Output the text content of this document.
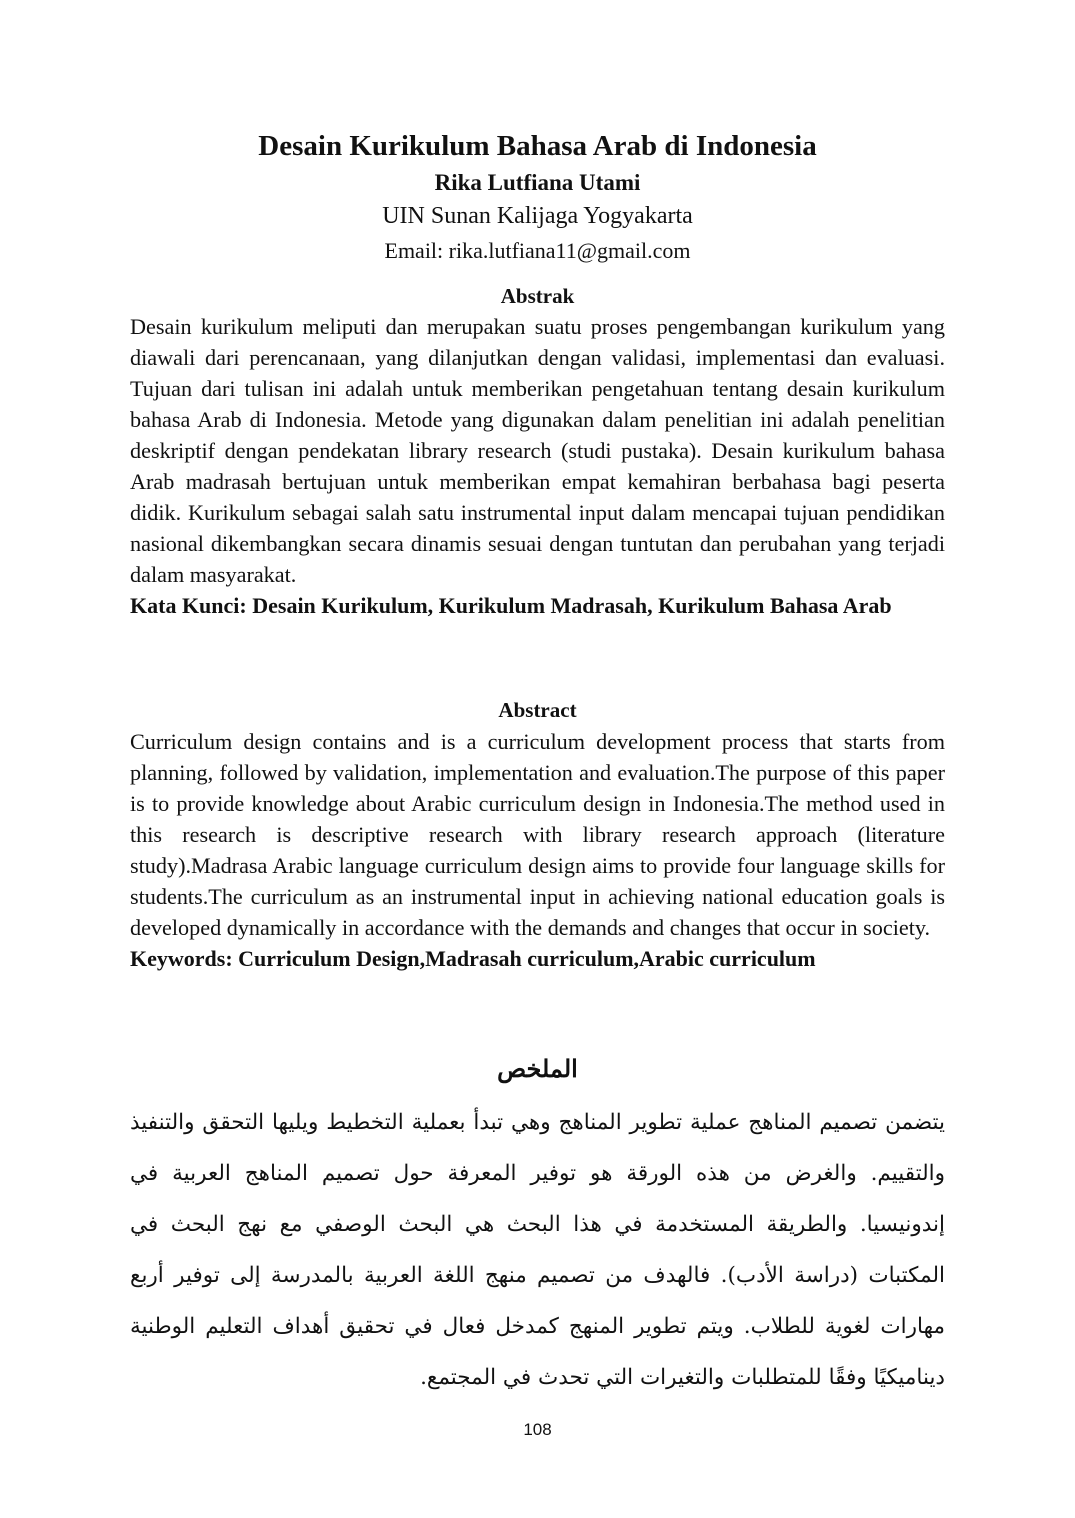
Desain Kurikulum Bahasa Arab di Indonesia
Rika Lutfiana Utami
UIN Sunan Kalijaga Yogyakarta
Email: rika.lutfiana11@gmail.com
Abstrak

Desain kurikulum meliputi dan merupakan suatu proses pengembangan kurikulum yang diawali dari perencanaan, yang dilanjutkan dengan validasi, implementasi dan evaluasi. Tujuan dari tulisan ini adalah untuk memberikan pengetahuan tentang desain kurikulum bahasa Arab di Indonesia. Metode yang digunakan dalam penelitian ini adalah penelitian deskriptif dengan pendekatan library research (studi pustaka). Desain kurikulum bahasa Arab madrasah bertujuan untuk memberikan empat kemahiran berbahasa bagi peserta didik. Kurikulum sebagai salah satu instrumental input dalam mencapai tujuan pendidikan nasional dikembangkan secara dinamis sesuai dengan tuntutan dan perubahan yang terjadi dalam masyarakat.

Kata Kunci: Desain Kurikulum, Kurikulum Madrasah, Kurikulum Bahasa Arab

Abstract

Curriculum design contains and is a curriculum development process that starts from planning, followed by validation, implementation and evaluation.The purpose of this paper is to provide knowledge about Arabic curriculum design in Indonesia.The method used in this research is descriptive research with library research approach (literature study).Madrasa Arabic language curriculum design aims to provide four language skills for students.The curriculum as an instrumental input in achieving national education goals is developed dynamically in accordance with the demands and changes that occur in society.

Keywords: Curriculum Design,Madrasah curriculum,Arabic curriculum

الملخص
يتضمن تصميم المناهج عملية تطوير المناهج وهي تبدأ بعملية التخطيط ويليها التحقق والتنفيذ والتقييم. والغرض من هذه الورقة هو توفير المعرفة حول تصميم المناهج العربية في إندونيسيا. والطريقة المستخدمة في هذا البحث هي البحث الوصفي مع نهج البحث في المكتبات (دراسة الأدب). فالهدف من تصميم منهج اللغة العربية بالمدرسة إلى توفير أربع مهارات لغوية للطلاب. ويتم تطوير المنهج كمدخل فعال في تحقيق أهداف التعليم الوطنية ديناميكيًا وفقًا للمتطلبات والتغيرات التي تحدث في المجتمع.
108
